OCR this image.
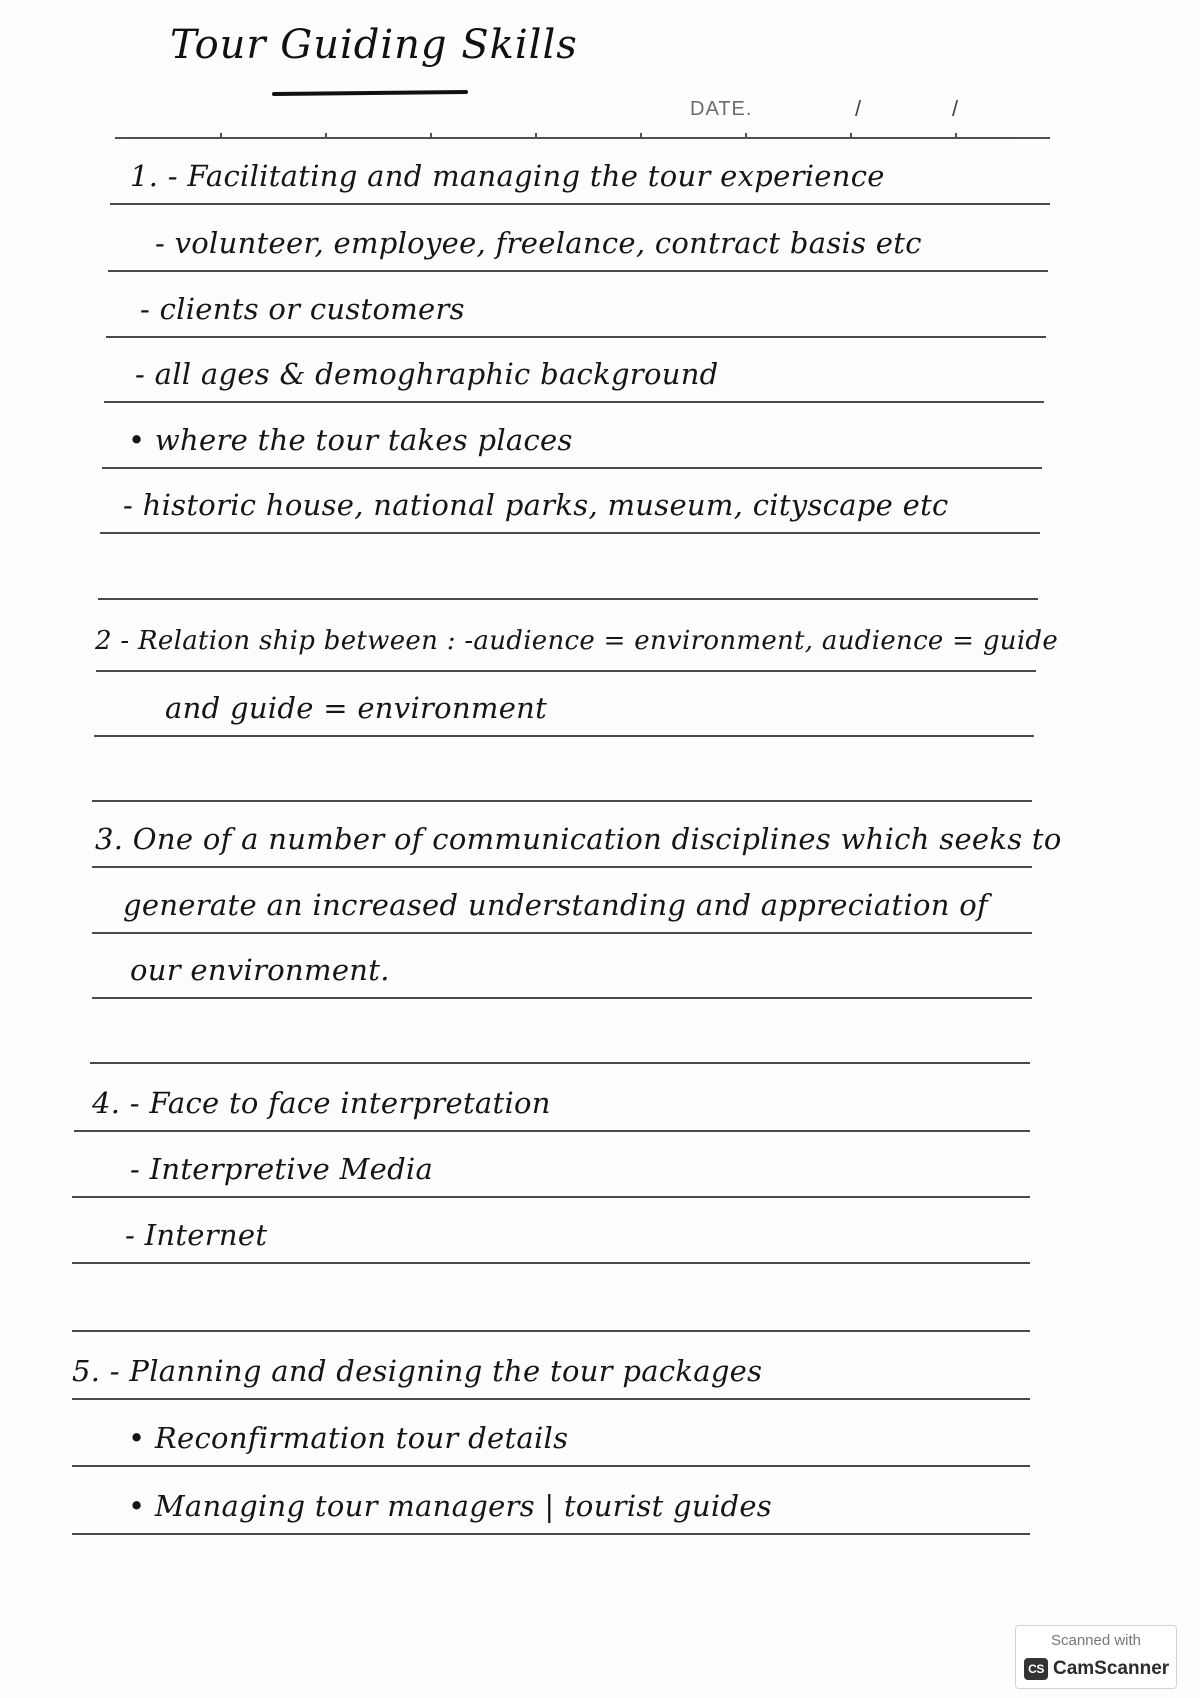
Tour Guiding Skills
DATE.	/	/
1. - Facilitating and managing the tour experience
- volunteer, employee, freelance, contract basis etc
- clients or customers
- all ages & demoghraphic background
• where the tour takes places
- historic house, national parks, museum, cityscape etc
2 - Relation ship between : -audience = environment, audience = guide
and guide = environment
3. One of a number of communication disciplines which seeks to
generate an increased understanding and appreciation of
our environment.
4. - Face to face interpretation
- Interpretive Media
- Internet
5. - Planning and designing the tour packages
• Reconfirmation tour details
• Managing tour managers | tourist guides
Scanned with
CS CamScanner
